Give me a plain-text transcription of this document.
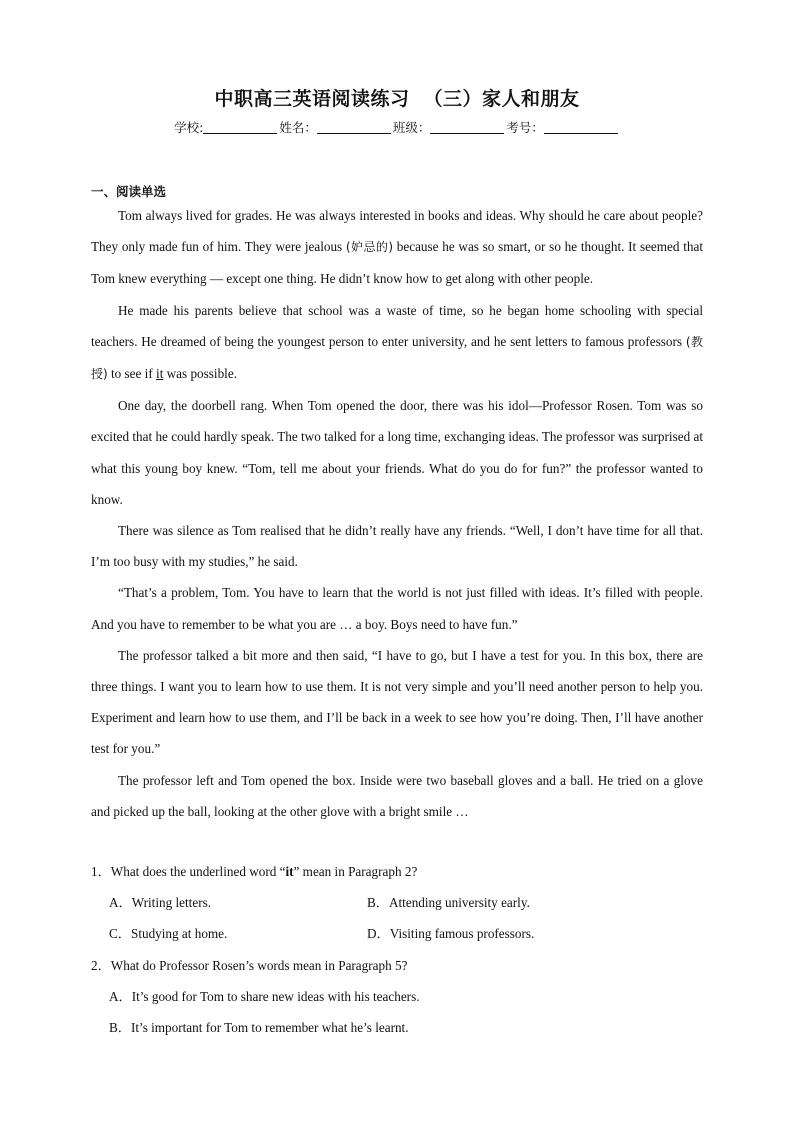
中职高三英语阅读练习 （三）家人和朋友
学校:	姓名：	班级：	考号：
一、阅读单选

Tom always lived for grades. He was always interested in books and ideas. Why should he care about people? They only made fun of him. They were jealous (妒忌的) because he was so smart, or so he thought. It seemed that Tom knew everything — except one thing. He didn’t know how to get along with other people.

He made his parents believe that school was a waste of time, so he began home schooling with special teachers. He dreamed of being the youngest person to enter university, and he sent letters to famous professors (教授) to see if it was possible.

One day, the doorbell rang. When Tom opened the door, there was his idol—Professor Rosen. Tom was so excited that he could hardly speak. The two talked for a long time, exchanging ideas. The professor was surprised at what this young boy knew. “Tom, tell me about your friends. What do you do for fun?” the professor wanted to know.

There was silence as Tom realised that he didn’t really have any friends. “Well, I don’t have time for all that. I’m too busy with my studies,” he said.

“That’s a problem, Tom. You have to learn that the world is not just filled with ideas. It’s filled with people. And you have to remember to be what you are … a boy. Boys need to have fun.”

The professor talked a bit more and then said, “I have to go, but I have a test for you. In this box, there are three things. I want you to learn how to use them. It is not very simple and you’ll need another person to help you. Experiment and learn how to use them, and I’ll be back in a week to see how you’re doing. Then, I’ll have another test for you.”

The professor left and Tom opened the box. Inside were two baseball gloves and a ball. He tried on a glove and picked up the ball, looking at the other glove with a bright smile …

1．What does the underlined word “it” mean in Paragraph 2?

A．Writing letters.	B．Attending university early.
C．Studying at home.	D．Visiting famous professors.

2．What do Professor Rosen’s words mean in Paragraph 5?

A．It’s good for Tom to share new ideas with his teachers.
B．It’s important for Tom to remember what he’s learnt.
